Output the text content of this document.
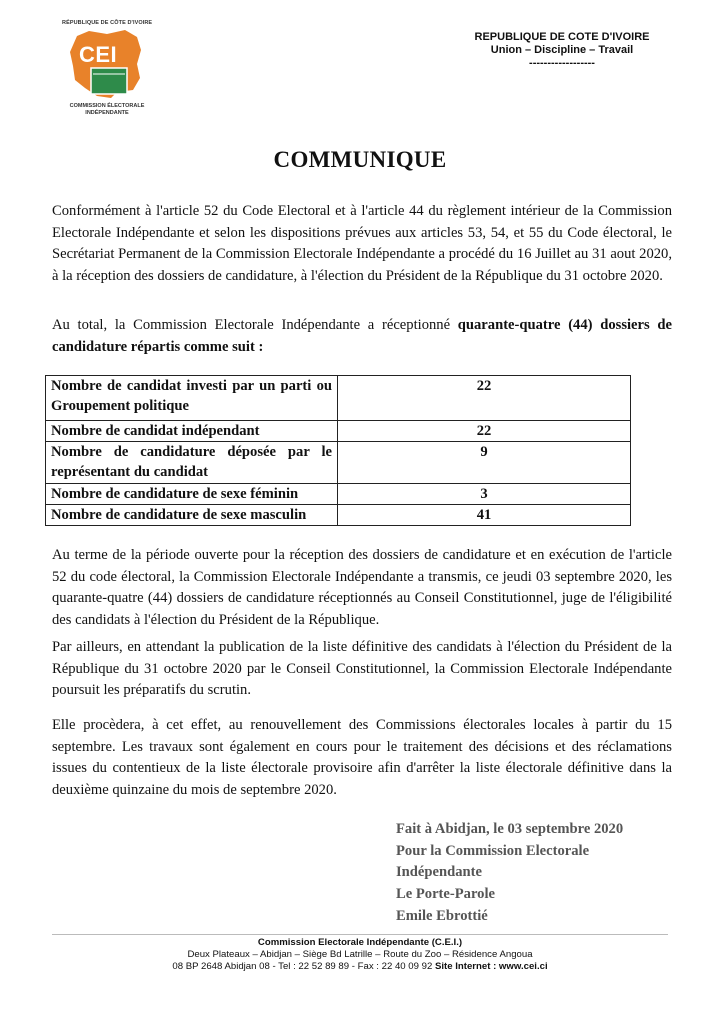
RÉPUBLIQUE DE CÔTE D'IVOIRE
CEI
COMMISSION ÉLECTORALE
INDÉPENDANTE
REPUBLIQUE DE COTE D'IVOIRE
Union – Discipline – Travail
------------------
COMMUNIQUE
Conformément à l'article 52 du Code Electoral et à l'article 44 du règlement intérieur de la Commission Electorale Indépendante et selon les dispositions prévues aux articles 53, 54, et 55 du Code électoral, le Secrétariat Permanent de la Commission Electorale Indépendante a procédé du 16 Juillet au 31 aout 2020, à la réception des dossiers de candidature, à l'élection du Président de la République du 31 octobre 2020.
Au total, la Commission Electorale Indépendante a réceptionné quarante-quatre (44) dossiers de candidature répartis comme suit :
Nombre de candidat investi par un parti ou Groupement politique	22
Nombre de candidat indépendant	22
Nombre de candidature déposée par le représentant du candidat	9
Nombre de candidature de sexe féminin	3
Nombre de candidature de sexe masculin	41
Au terme de la période ouverte pour la réception des dossiers de candidature et en exécution de l'article 52 du code électoral, la Commission Electorale Indépendante a transmis, ce jeudi 03 septembre 2020, les quarante-quatre (44) dossiers de candidature réceptionnés au Conseil Constitutionnel, juge de l'éligibilité des candidats à l'élection du Président de la République.
Par ailleurs, en attendant la publication de la liste définitive des candidats à l'élection du Président de la République du 31 octobre 2020 par le Conseil Constitutionnel, la Commission Electorale Indépendante poursuit les préparatifs du scrutin.
Elle procèdera, à cet effet, au renouvellement des Commissions électorales locales à partir du 15 septembre. Les travaux sont également en cours pour le traitement des décisions et des réclamations issues du contentieux de la liste électorale provisoire afin d'arrêter la liste électorale définitive dans la deuxième quinzaine du mois de septembre 2020.
Fait à Abidjan, le 03 septembre 2020
Pour la Commission Electorale
Indépendante
Le Porte-Parole
Emile Ebrottié
Commission Electorale Indépendante (C.E.I.)
Deux Plateaux – Abidjan – Siège Bd Latrille – Route du Zoo – Résidence Angoua
08 BP 2648 Abidjan 08 - Tel : 22 52 89 89 - Fax : 22 40 09 92 Site Internet : www.cei.ci
